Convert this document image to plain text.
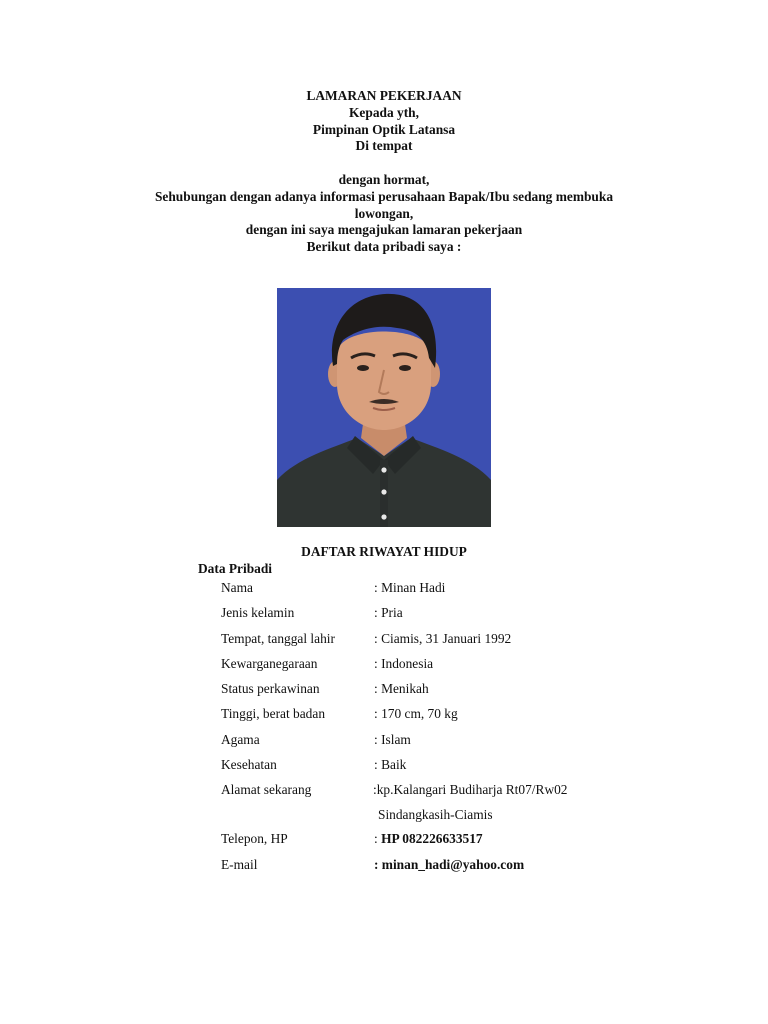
LAMARAN PEKERJAAN
Kepada yth,
Pimpinan Optik Latansa
Di tempat
dengan hormat,
Sehubungan dengan adanya informasi perusahaan Bapak/Ibu sedang membuka
lowongan,
dengan ini saya mengajukan lamaran pekerjaan
Berikut data pribadi saya :
DAFTAR RIWAYAT HIDUP
Data Pribadi
Nama	: Minan Hadi
Jenis kelamin	: Pria
Tempat, tanggal lahir	: Ciamis, 31 Januari 1992
Kewarganegaraan	: Indonesia
Status perkawinan	: Menikah
Tinggi, berat badan	: 170 cm, 70 kg
Agama	: Islam
Kesehatan	: Baik
Alamat sekarang	:kp.Kalangari Budiharja Rt07/Rw02
Sindangkasih-Ciamis
Telepon, HP	: HP 082226633517
E-mail	: minan_hadi@yahoo.com
